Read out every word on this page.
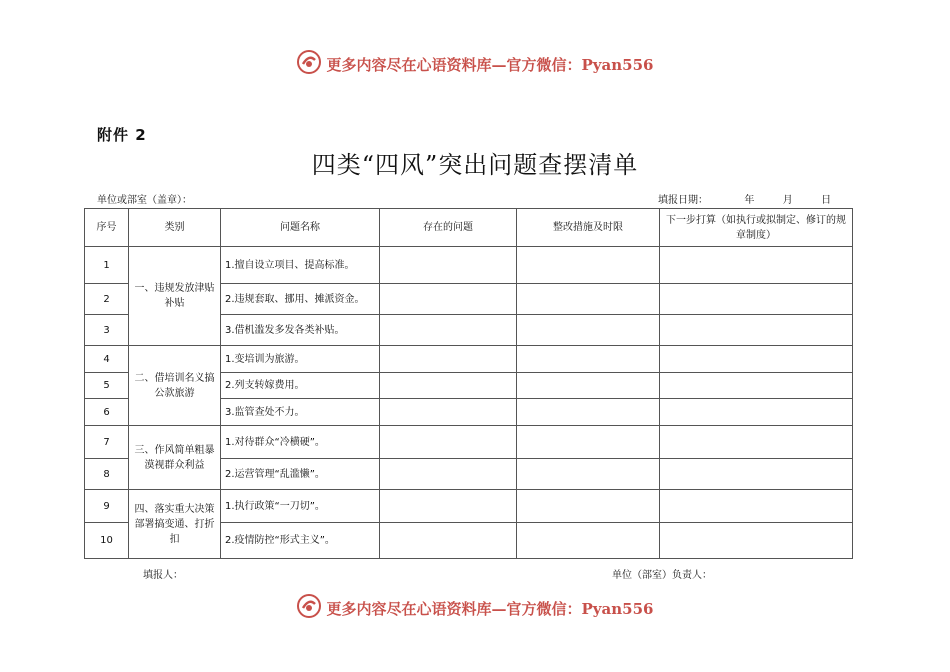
更多内容尽在心语资料库—官方微信：Pyan556
附件 2
四类“四风”突出问题查摆清单
单位或部室（盖章）：	填报日期：	年	月	日
序号	类别	问题名称	存在的问题	整改措施及时限	下一步打算（如执行或拟制定、修订的规章制度）
1	一、违规发放津贴补贴	1.擅自设立项目、提高标准。			
2		2.违规套取、挪用、摊派资金。			
3		3.借机滥发多发各类补贴。			
4	二、借培训名义搞公款旅游	1.变培训为旅游。			
5		2.列支转嫁费用。			
6		3.监管查处不力。			
7	三、作风简单粗暴漠视群众利益	1.对待群众“冷横硬”。			
8		2.运营管理“乱滥懒”。			
9	四、落实重大决策部署搞变通、打折扣	1.执行政策“一刀切”。			
10		2.疫情防控“形式主义”。			
填报人：	单位（部室）负责人：
更多内容尽在心语资料库—官方微信：Pyan556
